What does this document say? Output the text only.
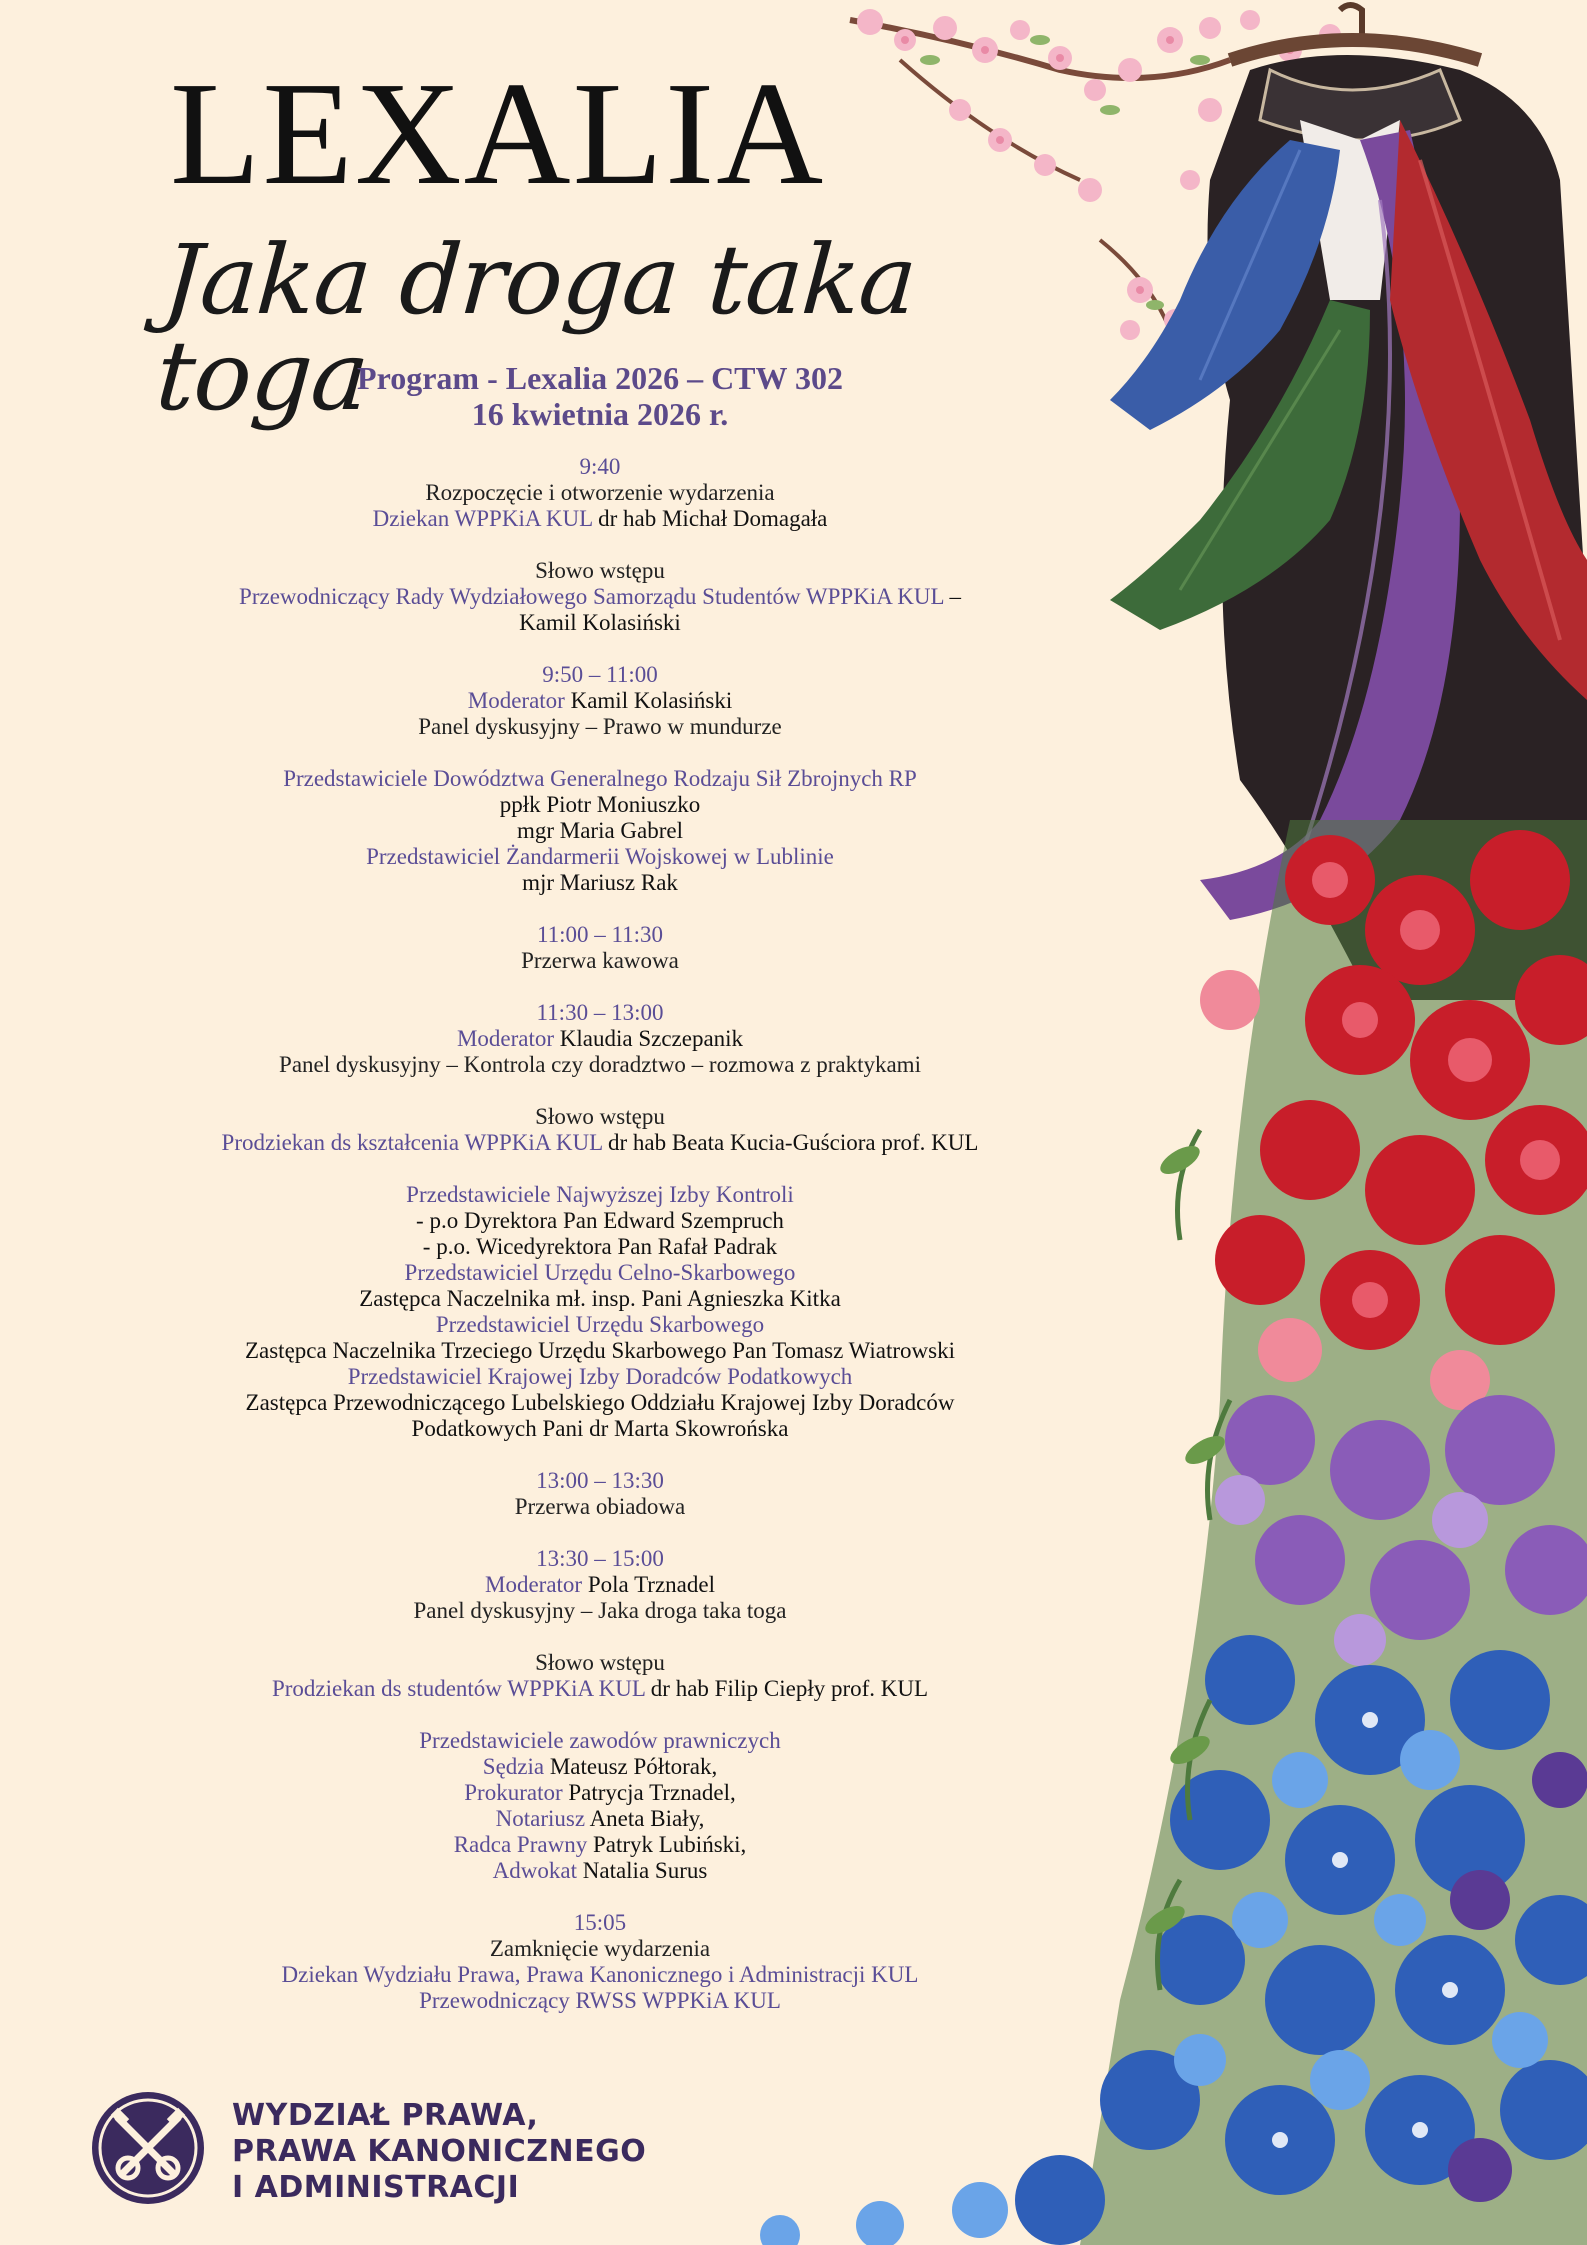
LEXALIA
Jaka droga taka toga
Program - Lexalia 2026 – CTW 302
16 kwietnia 2026 r.
9:40
Rozpoczęcie i otworzenie wydarzenia
Dziekan WPPKiA KUL dr hab Michał Domagała
Słowo wstępu
Przewodniczący Rady Wydziałowego Samorządu Studentów WPPKiA KUL –
Kamil Kolasiński
9:50 – 11:00
Moderator Kamil Kolasiński
Panel dyskusyjny – Prawo w mundurze
Przedstawiciele Dowództwa Generalnego Rodzaju Sił Zbrojnych RP
ppłk Piotr Moniuszko
mgr Maria Gabrel
Przedstawiciel Żandarmerii Wojskowej w Lublinie
mjr Mariusz Rak
11:00 – 11:30
Przerwa kawowa
11:30 – 13:00
Moderator Klaudia Szczepanik
Panel dyskusyjny – Kontrola czy doradztwo – rozmowa z praktykami
Słowo wstępu
Prodziekan ds kształcenia WPPKiA KUL dr hab Beata Kucia-Guściora prof. KUL
Przedstawiciele Najwyższej Izby Kontroli
- p.o Dyrektora Pan Edward Szempruch
- p.o. Wicedyrektora Pan Rafał Padrak
Przedstawiciel Urzędu Celno-Skarbowego
Zastępca Naczelnika mł. insp. Pani Agnieszka Kitka
Przedstawiciel Urzędu Skarbowego
Zastępca Naczelnika Trzeciego Urzędu Skarbowego Pan Tomasz Wiatrowski
Przedstawiciel Krajowej Izby Doradców Podatkowych
Zastępca Przewodniczącego Lubelskiego Oddziału Krajowej Izby Doradców
Podatkowych Pani dr Marta Skowrońska
13:00 – 13:30
Przerwa obiadowa
13:30 – 15:00
Moderator Pola Trznadel
Panel dyskusyjny – Jaka droga taka toga
Słowo wstępu
Prodziekan ds studentów WPPKiA KUL dr hab Filip Ciepły prof. KUL
Przedstawiciele zawodów prawniczych
Sędzia Mateusz Półtorak,
Prokurator Patrycja Trznadel,
Notariusz Aneta Biały,
Radca Prawny Patryk Lubiński,
Adwokat Natalia Surus
15:05
Zamknięcie wydarzenia
Dziekan Wydziału Prawa, Prawa Kanonicznego i Administracji KUL
Przewodniczący RWSS WPPKiA KUL
WYDZIAŁ PRAWA,
PRAWA KANONICZNEGO
I ADMINISTRACJI
